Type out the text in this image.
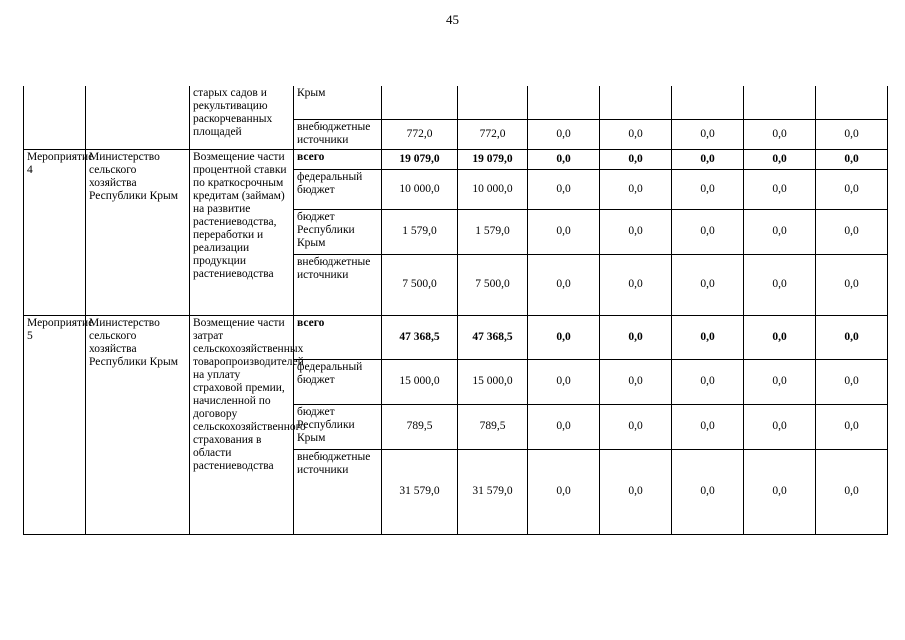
45
		старых садов и рекультивацию раскорчеванных площадей	Крым							
			внебюджетные источники	772,0	772,0	0,0	0,0	0,0	0,0	0,0
Мероприятие 4	Министерство сельского хозяйства Республики Крым	Возмещение части процентной ставки по краткосрочным кредитам (займам) на развитие растениеводства, переработки и реализации продукции растениеводства	всего	19 079,0	19 079,0	0,0	0,0	0,0	0,0	0,0
			федеральный бюджет	10 000,0	10 000,0	0,0	0,0	0,0	0,0	0,0
			бюджет Республики Крым	1 579,0	1 579,0	0,0	0,0	0,0	0,0	0,0
			внебюджетные источники	7 500,0	7 500,0	0,0	0,0	0,0	0,0	0,0
Мероприятие 5	Министерство сельского хозяйства Республики Крым	Возмещение части затрат сельскохозяйственных товаропроизводителей на уплату страховой премии, начисленной по договору сельскохозяйственного страхования в области растениеводства	всего	47 368,5	47 368,5	0,0	0,0	0,0	0,0	0,0
			федеральный бюджет	15 000,0	15 000,0	0,0	0,0	0,0	0,0	0,0
			бюджет Республики Крым	789,5	789,5	0,0	0,0	0,0	0,0	0,0
			внебюджетные источники	31 579,0	31 579,0	0,0	0,0	0,0	0,0	0,0
